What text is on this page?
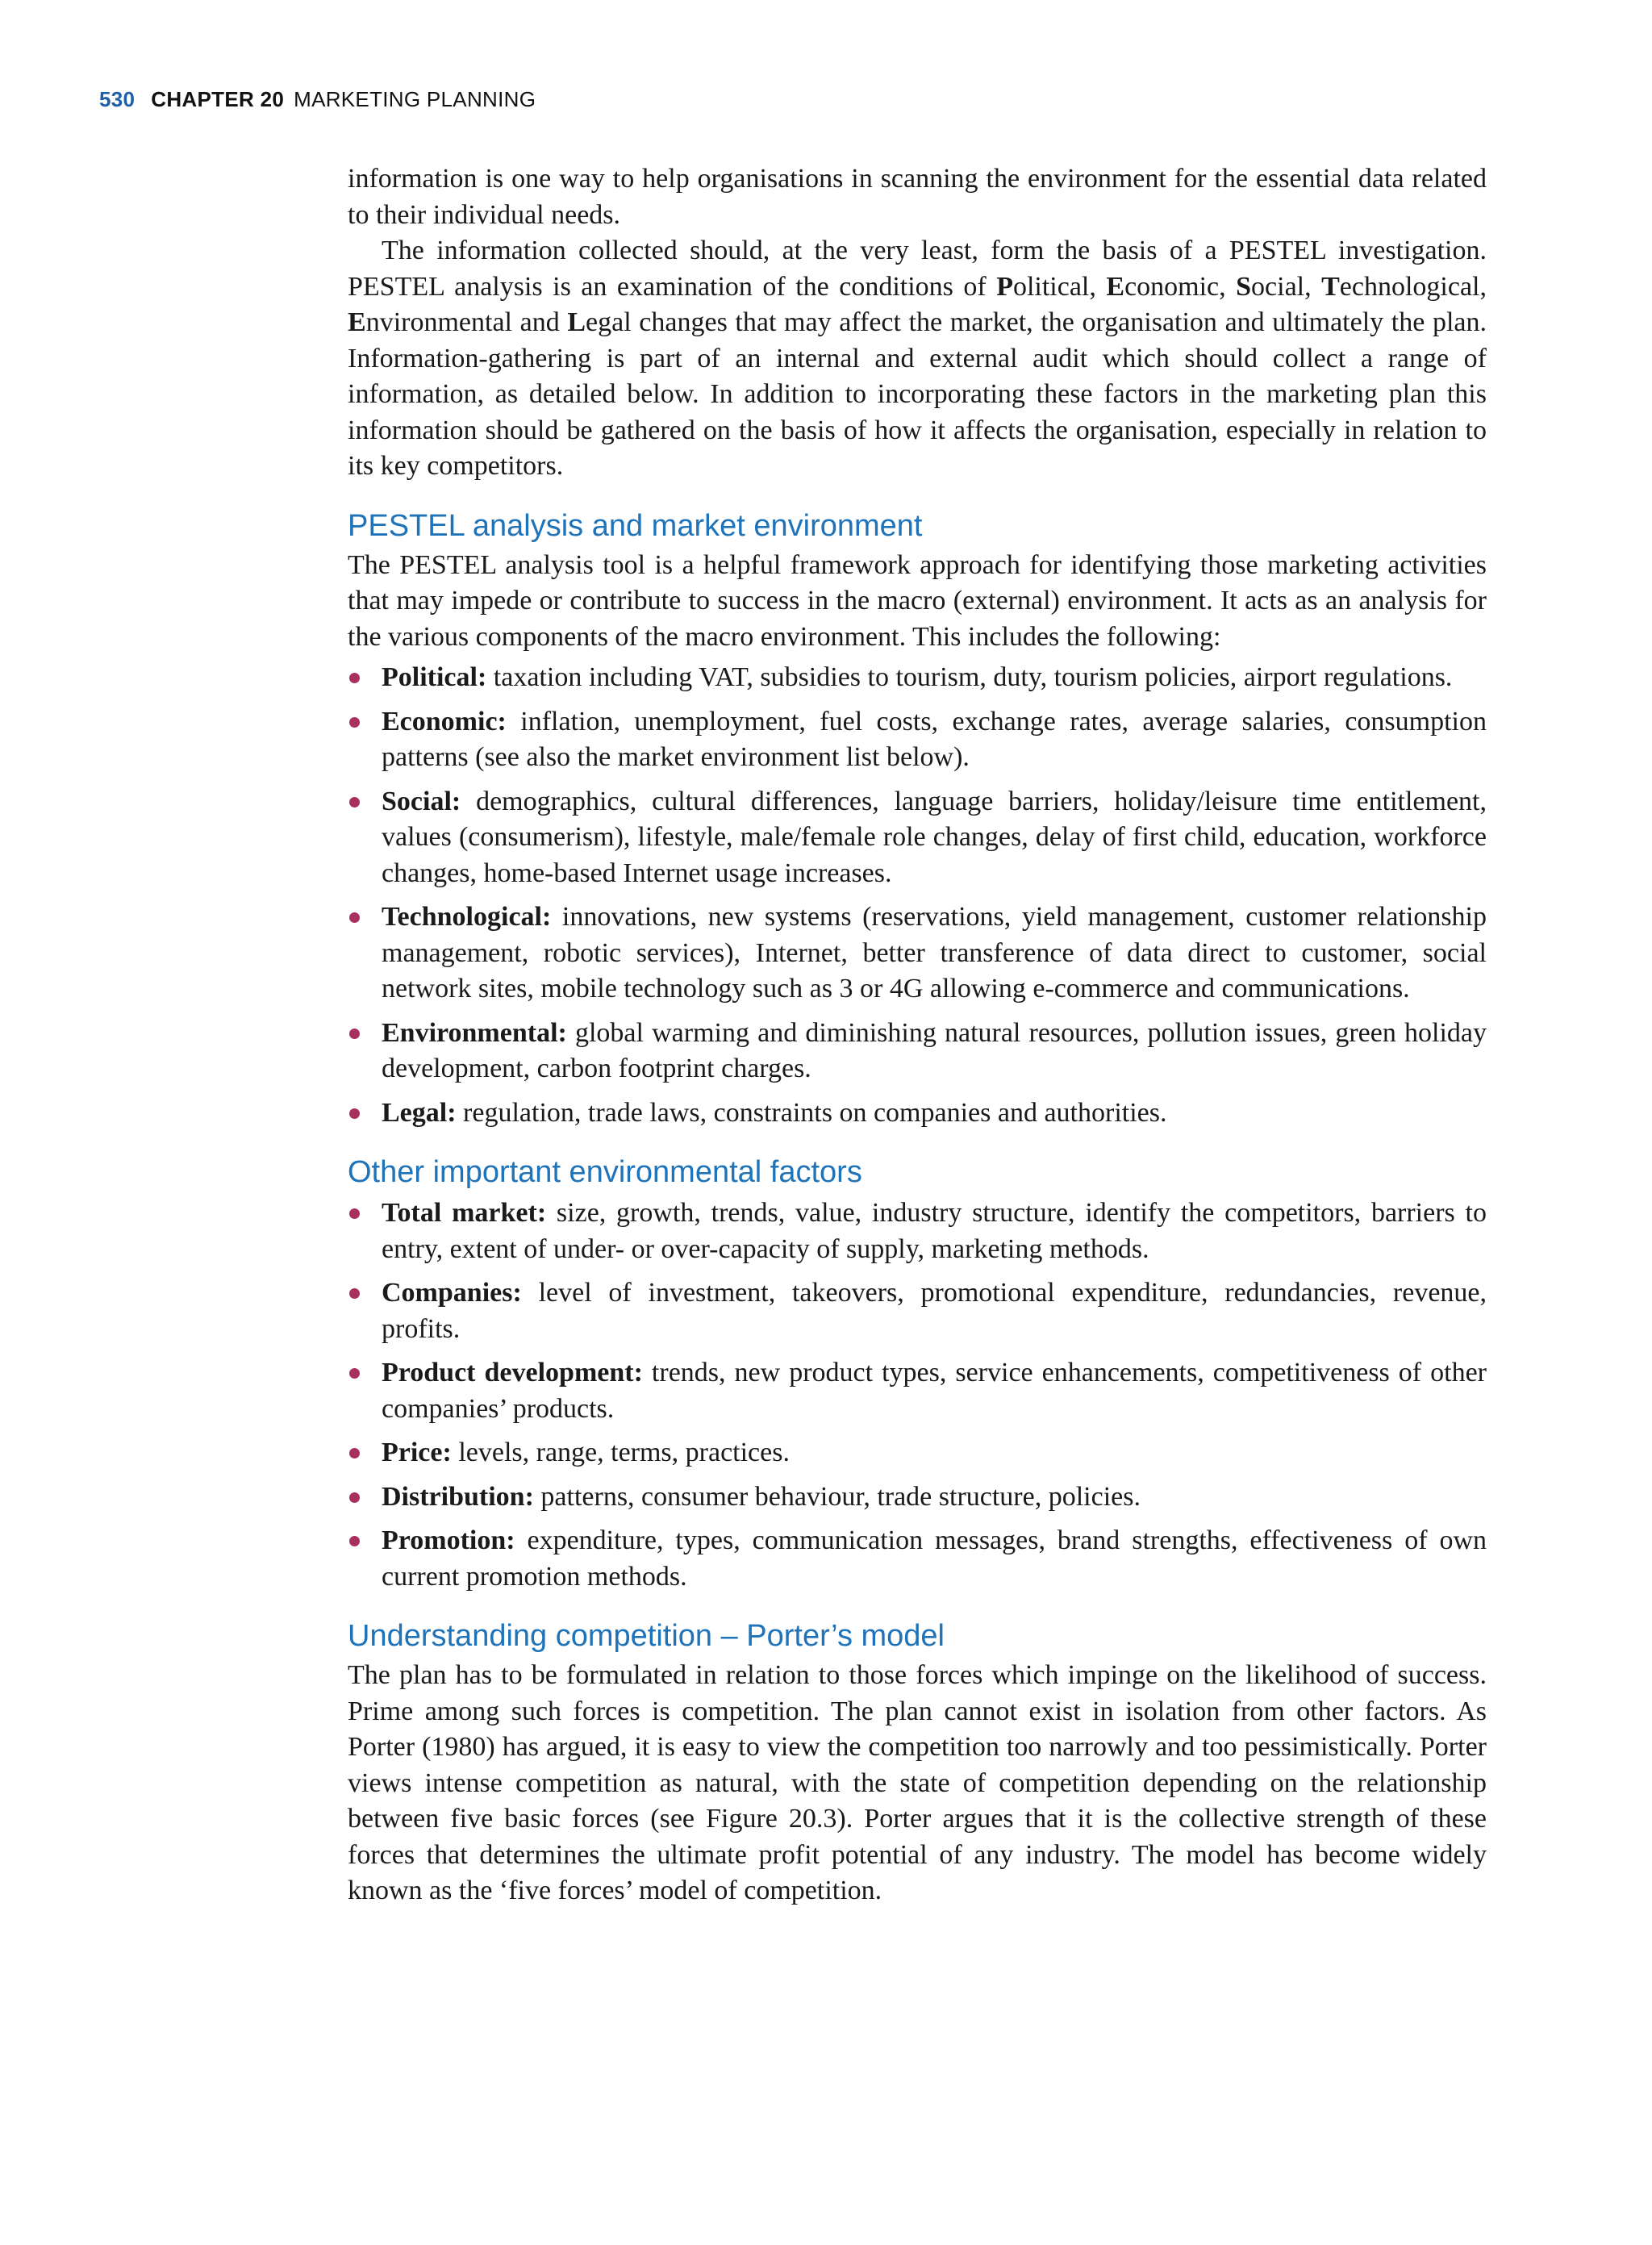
530 CHAPTER 20 MARKETING PLANNING

information is one way to help organisations in scanning the environment for the essential data related to their individual needs.

The information collected should, at the very least, form the basis of a PESTEL investigation. PESTEL analysis is an examination of the conditions of Political, Economic, Social, Technological, Environmental and Legal changes that may affect the market, the organisation and ultimately the plan. Information-gathering is part of an internal and external audit which should collect a range of information, as detailed below. In addition to incorporating these factors in the marketing plan this information should be gathered on the basis of how it affects the organisation, especially in relation to its key competitors.

PESTEL analysis and market environment

The PESTEL analysis tool is a helpful framework approach for identifying those marketing activities that may impede or contribute to success in the macro (external) environment. It acts as an analysis for the various components of the macro environment. This includes the following:

Political: taxation including VAT, subsidies to tourism, duty, tourism policies, airport regulations.
Economic: inflation, unemployment, fuel costs, exchange rates, average salaries, consumption patterns (see also the market environment list below).
Social: demographics, cultural differences, language barriers, holiday/leisure time entitlement, values (consumerism), lifestyle, male/female role changes, delay of first child, education, workforce changes, home-based Internet usage increases.
Technological: innovations, new systems (reservations, yield management, customer relationship management, robotic services), Internet, better transference of data direct to customer, social network sites, mobile technology such as 3 or 4G allowing e-commerce and communications.
Environmental: global warming and diminishing natural resources, pollution issues, green holiday development, carbon footprint charges.
Legal: regulation, trade laws, constraints on companies and authorities.
Other important environmental factors
Total market: size, growth, trends, value, industry structure, identify the competitors, barriers to entry, extent of under- or over-capacity of supply, marketing methods.
Companies: level of investment, takeovers, promotional expenditure, redundancies, revenue, profits.
Product development: trends, new product types, service enhancements, competitiveness of other companies’ products.
Price: levels, range, terms, practices.
Distribution: patterns, consumer behaviour, trade structure, policies.
Promotion: expenditure, types, communication messages, brand strengths, effectiveness of own current promotion methods.
Understanding competition – Porter’s model

The plan has to be formulated in relation to those forces which impinge on the likelihood of success. Prime among such forces is competition. The plan cannot exist in isolation from other factors. As Porter (1980) has argued, it is easy to view the competition too narrowly and too pessimistically. Porter views intense competition as natural, with the state of competition depending on the relationship between five basic forces (see Figure 20.3). Porter argues that it is the collective strength of these forces that determines the ultimate profit potential of any industry. The model has become widely known as the ‘five forces’ model of competition.
